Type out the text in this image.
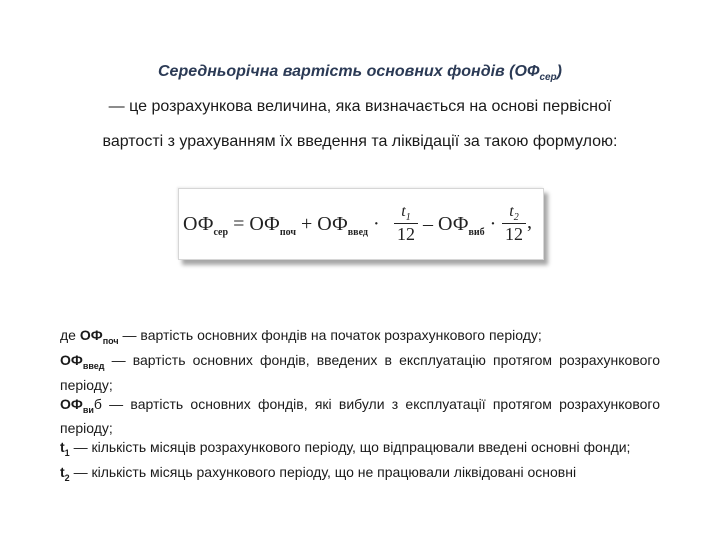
Середньорічна вартість основних фондів $(ОФ_{сер})$
— це розрахункова величина, яка визначається на основі первісної
вартості з урахуванням їх введення та ліквідації за такою формулою:
$ОФ_{сер} = ОФ_{поч} + ОФ_{введ}$ ·
$t_1$
$12 - ОФ_{виб}$ ·
$t_2$
12
,

де $ОФ_{поч}$ — вартість основних фондів на початок розрахункового періоду;

$ОФ_{введ}$ — вартість основних фондів, введених в експлуатацію протягом розрахункового періоду;

$ОФ_{ви}б$ — вартість основних фондів, які вибули з експлуатації протягом розрахункового періоду;

$t_1$ — кількість місяців розрахункового періоду, що відпрацювали введені основні фонди;

$t_2$ — кількість місяць рахункового періоду, що не працювали ліквідовані основні
